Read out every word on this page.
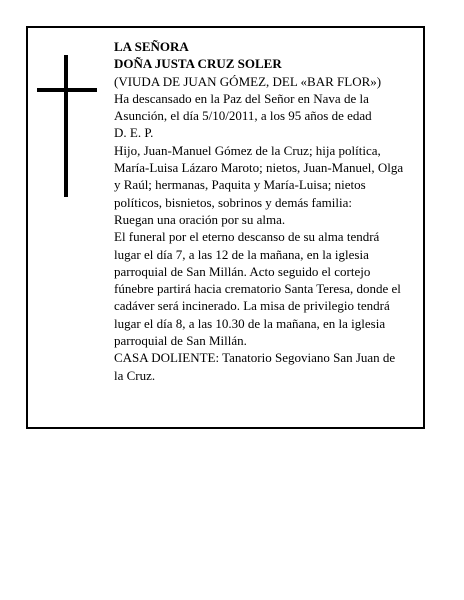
LA SEÑORA
DOÑA JUSTA CRUZ SOLER
(VIUDA DE JUAN GÓMEZ, DEL «BAR FLOR»)
Ha descansado en la Paz del Señor en Nava de la
Asunción, el día 5/10/2011, a los 95 años de edad
D. E. P.
Hijo, Juan-Manuel Gómez de la Cruz; hija política,
María-Luisa Lázaro Maroto; nietos, Juan-Manuel, Olga
y Raúl; hermanas, Paquita y María-Luisa; nietos
políticos, bisnietos, sobrinos y demás familia:
Ruegan una oración por su alma.
El funeral por el eterno descanso de su alma tendrá
lugar el día 7, a las 12 de la mañana, en la iglesia
parroquial de San Millán. Acto seguido el cortejo
fúnebre partirá hacia crematorio Santa Teresa, donde el
cadáver será incinerado. La misa de privilegio tendrá
lugar el día 8, a las 10.30 de la mañana, en la iglesia
parroquial de San Millán.
CASA DOLIENTE: Tanatorio Segoviano San Juan de
la Cruz.
